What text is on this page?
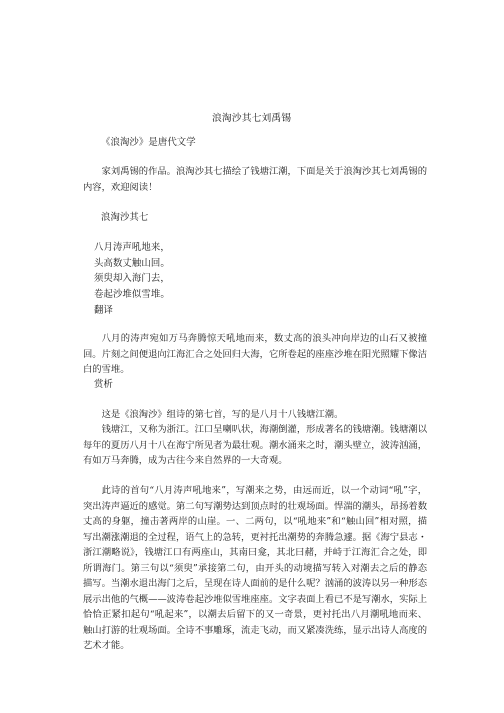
浪淘沙其七刘禹锡
《浪淘沙》是唐代文学
家刘禹锡的作品。浪淘沙其七描绘了钱塘江潮，下面是关于浪淘沙其七刘禹锡的内容，欢迎阅读！
浪淘沙其七
八月涛声吼地来，
头高数丈触山回。
须臾却入海门去，
卷起沙堆似雪堆。
翻译
八月的涛声宛如万马奔腾惊天吼地而来，数丈高的浪头冲向岸边的山石又被撞回。片刻之间便退向江海汇合之处回归大海，它所卷起的座座沙堆在阳光照耀下像洁白的雪堆。
赏析
这是《浪淘沙》组诗的第七首，写的是八月十八钱塘江潮。
钱塘江，又称为浙江。江口呈喇叭状，海潮倒灌，形成著名的钱塘潮。钱塘潮以每年的夏历八月十八在海宁所见者为最壮观。潮水涌来之时，潮头壁立，波涛汹涌，有如万马奔腾，成为古往今来自然界的一大奇观。
此诗的首句“八月涛声吼地来”，写潮来之势，由远而近，以一个动词“吼”字，突出涛声逼近的感觉。第二句写潮势达到顶点时的壮观场面。悍湍的潮头，昂扬着数丈高的身躯，撞击著两岸的山崖。一、二两句，以“吼地来”和“触山回”相对照，描写出潮涨潮退的全过程，语气上的急转，更衬托出潮势的奔腾急遽。据《海宁县志・浙江潮略说》，钱塘江口有两座山，其南曰龛，其北曰赭，并峙于江海汇合之处，即所谓海门。第三句以“须臾”承接第二句，由开头的动境描写转入对潮去之后的静态描写。当潮水退出海门之后，呈现在诗人面前的是什么呢？汹涌的波涛以另一种形态展示出他的气概——波涛卷起沙堆似雪堆座座。文字表面上看已不是写潮水，实际上恰恰正紧扣起句“吼起来”，以潮去后留下的又一奇景，更衬托出八月潮吼地而来、触山打游的壮观场面。全诗不事雕琢，流走飞动，而又紧凑洗练，显示出诗人高度的艺术才能。
